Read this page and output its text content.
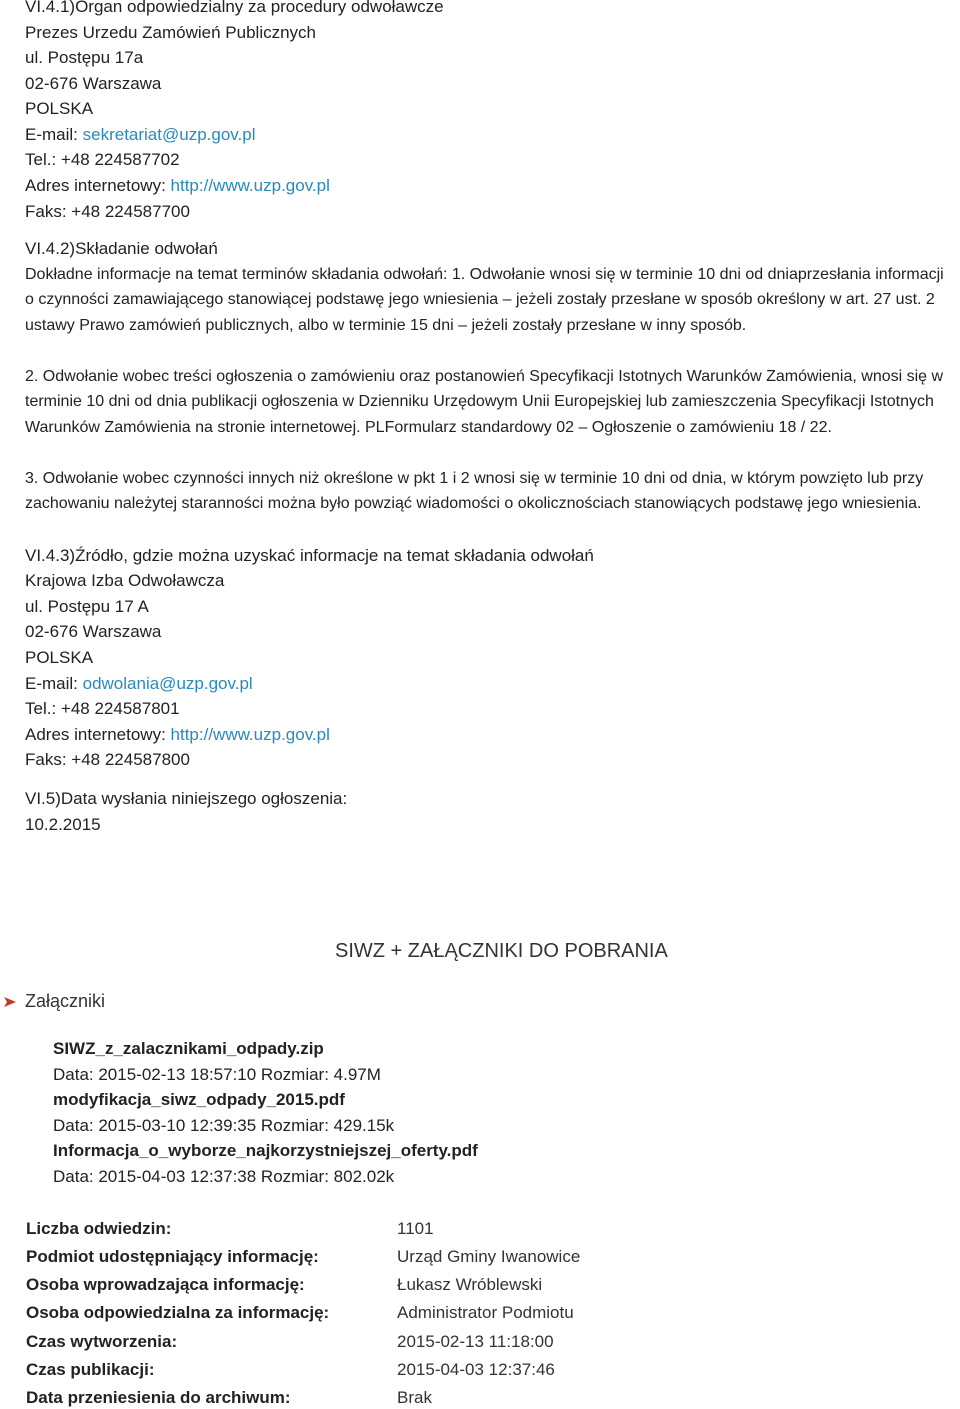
VI.4.1)Organ odpowiedzialny za procedury odwoławcze
Prezes Urzedu Zamówień Publicznych
ul. Postępu 17a
02-676 Warszawa
POLSKA
E-mail: sekretariat@uzp.gov.pl
Tel.: +48 224587702
Adres internetowy: http://www.uzp.gov.pl
Faks: +48 224587700
VI.4.2)Składanie odwołań
Dokładne informacje na temat terminów składania odwołań: 1. Odwołanie wnosi się w terminie 10 dni od dniaprzesłania informacji o czynności zamawiającego stanowiącej podstawę jego wniesienia – jeżeli zostały przesłane w sposób określony w art. 27 ust. 2 ustawy Prawo zamówień publicznych, albo w terminie 15 dni – jeżeli zostały przesłane w inny sposób.
2. Odwołanie wobec treści ogłoszenia o zamówieniu oraz postanowień Specyfikacji Istotnych Warunków Zamówienia, wnosi się w terminie 10 dni od dnia publikacji ogłoszenia w Dzienniku Urzędowym Unii Europejskiej lub zamieszczenia Specyfikacji Istotnych Warunków Zamówienia na stronie internetowej. PLFormularz standardowy 02 – Ogłoszenie o zamówieniu 18 / 22.
3. Odwołanie wobec czynności innych niż określone w pkt 1 i 2 wnosi się w terminie 10 dni od dnia, w którym powzięto lub przy zachowaniu należytej staranności można było powziąć wiadomości o okolicznościach stanowiących podstawę jego wniesienia.
VI.4.3)Źródło, gdzie można uzyskać informacje na temat składania odwołań
Krajowa Izba Odwoławcza
ul. Postępu 17 A
02-676 Warszawa
POLSKA
E-mail: odwolania@uzp.gov.pl
Tel.: +48 224587801
Adres internetowy: http://www.uzp.gov.pl
Faks: +48 224587800
VI.5)Data wysłania niniejszego ogłoszenia:
10.2.2015
SIWZ + ZAŁĄCZNIKI DO POBRANIA
Załączniki
SIWZ_z_zalacznikami_odpady.zip
Data: 2015-02-13 18:57:10 Rozmiar: 4.97M
modyfikacja_siwz_odpady_2015.pdf
Data: 2015-03-10 12:39:35 Rozmiar: 429.15k
Informacja_o_wyborze_najkorzystniejszej_oferty.pdf
Data: 2015-04-03 12:37:38 Rozmiar: 802.02k
Liczba odwiedzin:	1101
Podmiot udostępniający informację:	Urząd Gminy Iwanowice
Osoba wprowadzająca informację:	Łukasz Wróblewski
Osoba odpowiedzialna za informację:	Administrator Podmiotu
Czas wytworzenia:	2015-02-13 11:18:00
Czas publikacji:	2015-04-03 12:37:46
Data przeniesienia do archiwum:	Brak
